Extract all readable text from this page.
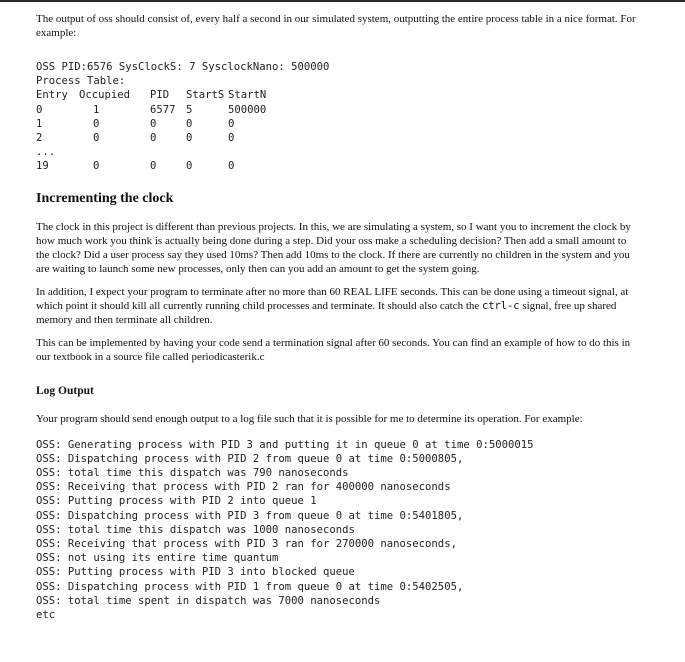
The output of oss should consist of, every half a second in our simulated system, outputting the entire process table in a nice format. For example:

OSS PID:6576 SysClockS: 7 SysclockNano: 500000
Process Table:
Entry	Occupied	PID	StartS	StartN
0	1	6577	5	500000
1	0	0	0	0
2	0	0	0	0
...				
19	0	0	0	0
Incrementing the clock

The clock in this project is different than previous projects. In this, we are simulating a system, so I want you to increment the clock by how much work you think is actually being done during a step. Did your oss make a scheduling decision? Then add a small amount to the clock? Did a user process say they used 10ms? Then add 10ms to the clock. If there are currently no children in the system and you are waiting to launch some new processes, only then can you add an amount to get the system going.

In addition, I expect your program to terminate after no more than 60 REAL LIFE seconds. This can be done using a timeout signal, at which point it should kill all currently running child processes and terminate. It should also catch the ctrl-c signal, free up shared memory and then terminate all children.

This can be implemented by having your code send a termination signal after 60 seconds. You can find an example of how to do this in our textbook in a source file called periodicasterik.c

Log Output

Your program should send enough output to a log file such that it is possible for me to determine its operation. For example:

OSS: Generating process with PID 3 and putting it in queue 0 at time 0:5000015
OSS: Dispatching process with PID 2 from queue 0 at time 0:5000805,
OSS: total time this dispatch was 790 nanoseconds
OSS: Receiving that process with PID 2 ran for 400000 nanoseconds
OSS: Putting process with PID 2 into queue 1
OSS: Dispatching process with PID 3 from queue 0 at time 0:5401805,
OSS: total time this dispatch was 1000 nanoseconds
OSS: Receiving that process with PID 3 ran for 270000 nanoseconds,
OSS: not using its entire time quantum
OSS: Putting process with PID 3 into blocked queue
OSS: Dispatching process with PID 1 from queue 0 at time 0:5402505,
OSS: total time spent in dispatch was 7000 nanoseconds
etc
